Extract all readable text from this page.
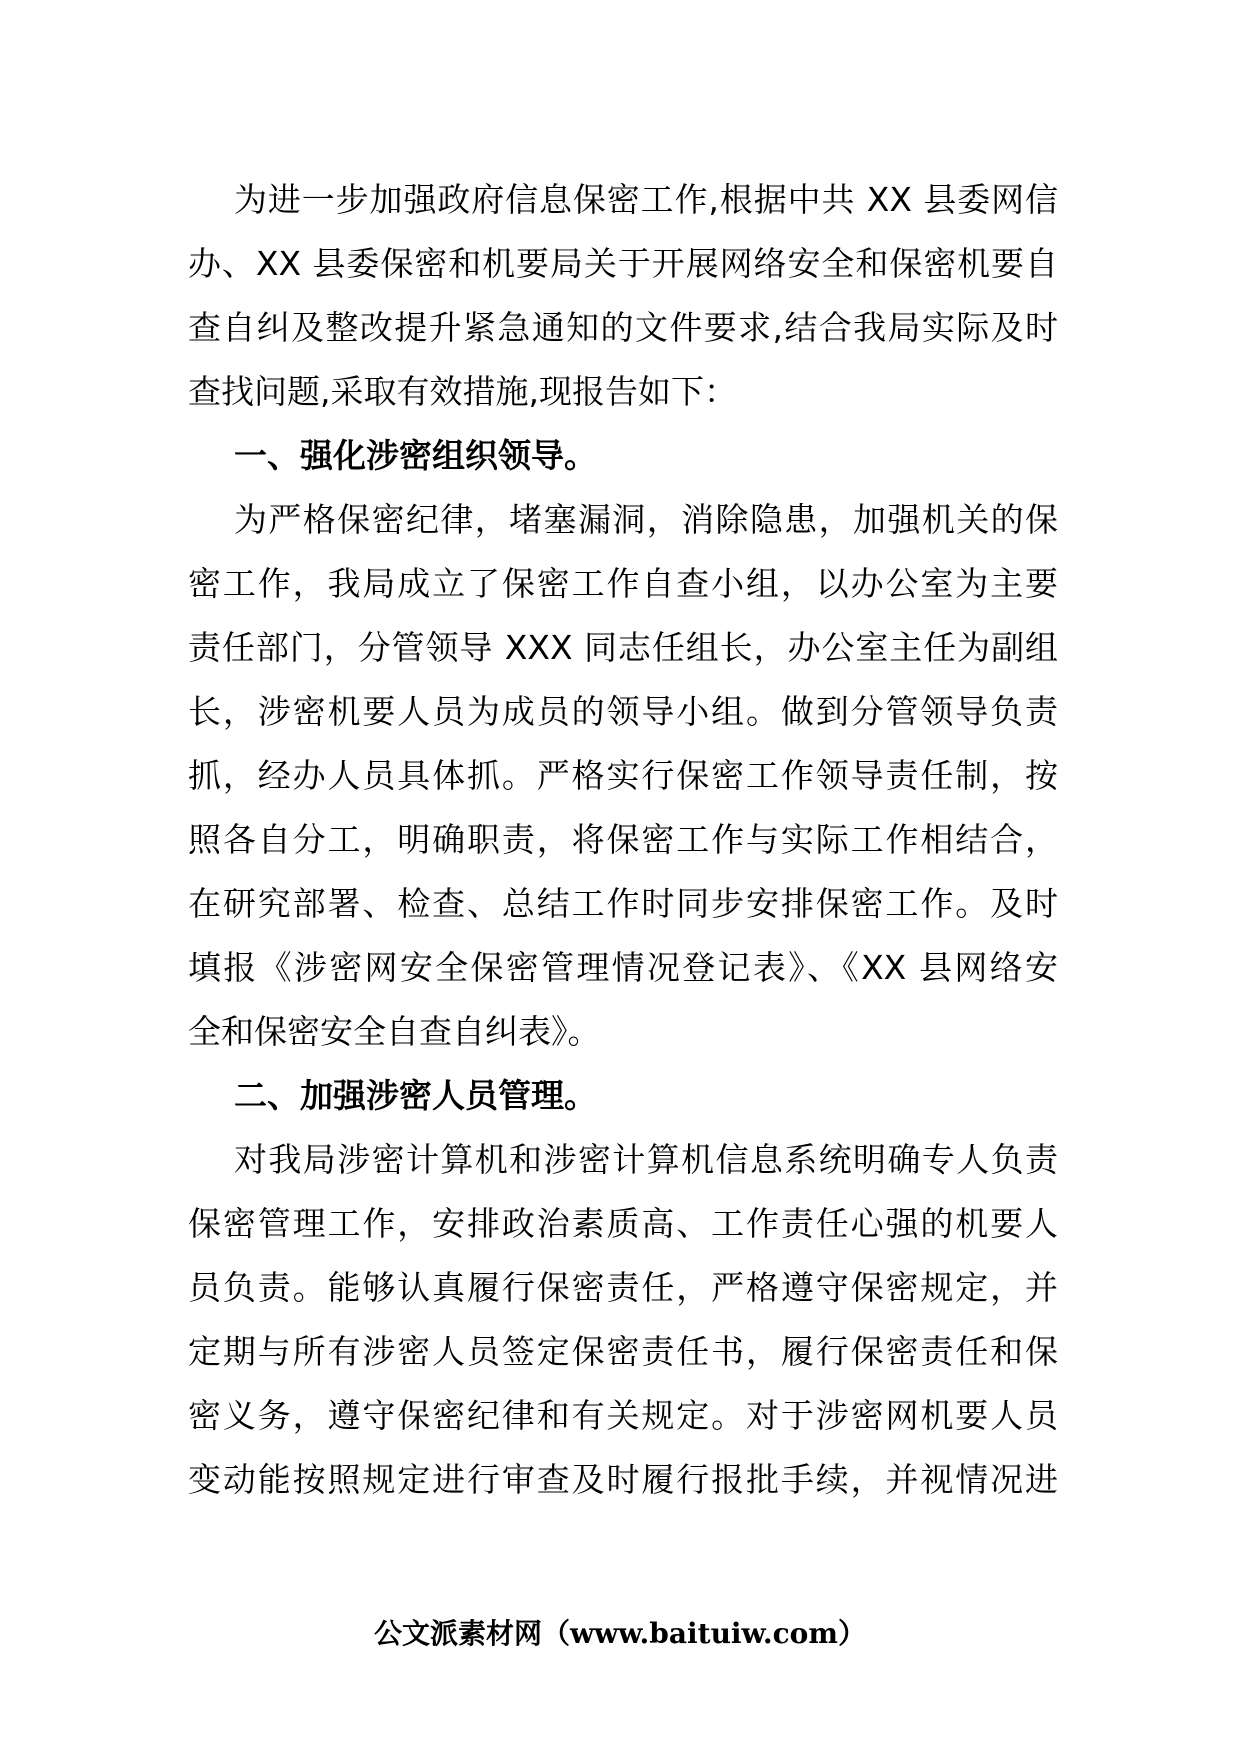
为进一步加强政府信息保密工作,根据中共 XX 县委网信
办、XX 县委保密和机要局关于开展网络安全和保密机要自
查自纠及整改提升紧急通知的文件要求,结合我局实际及时
查找问题,采取有效措施,现报告如下：
一、强化涉密组织领导。
为严格保密纪律，堵塞漏洞，消除隐患，加强机关的保
密工作，我局成立了保密工作自查小组，以办公室为主要
责任部门，分管领导 XXX 同志任组长，办公室主任为副组
长，涉密机要人员为成员的领导小组。做到分管领导负责
抓，经办人员具体抓。严格实行保密工作领导责任制，按
照各自分工，明确职责，将保密工作与实际工作相结合，
在研究部署、检查、总结工作时同步安排保密工作。及时
填报《涉密网安全保密管理情况登记表》、《XX 县网络安
全和保密安全自查自纠表》。
二、加强涉密人员管理。
对我局涉密计算机和涉密计算机信息系统明确专人负责
保密管理工作，安排政治素质高、工作责任心强的机要人
员负责。能够认真履行保密责任，严格遵守保密规定，并
定期与所有涉密人员签定保密责任书，履行保密责任和保
密义务，遵守保密纪律和有关规定。对于涉密网机要人员
变动能按照规定进行审查及时履行报批手续，并视情况进
公文派素材网（www.baituiw.com）
